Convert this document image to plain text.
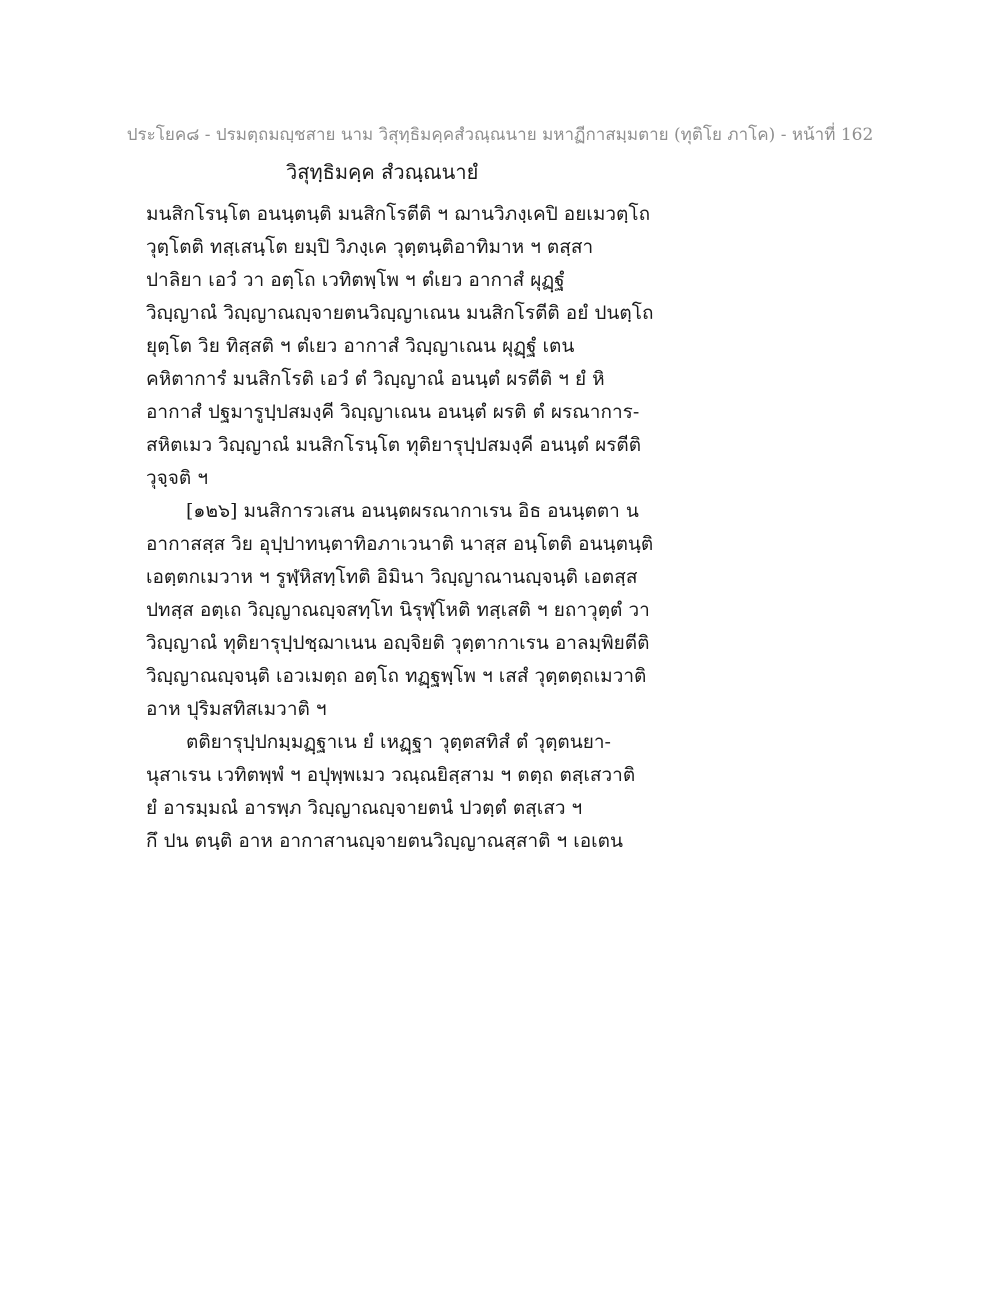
ประโยค๘ - ปรมตฺถมญฺชสาย นาม วิสุทฺธิมคฺคสํวณฺณนาย มหาฏีกาสมฺมตาย (ทุติโย ภาโค) - หน้าที่ 162
วิสุทฺธิมคฺค สํวณฺณนายํ
มนสิกโรนฺโต อนนฺตนฺติ มนสิกโรตีติ ฯ ฌานวิภงฺเคปิ อยเมวตฺโถ
วุตฺโตติ ทสฺเสนฺโต ยมฺปิ วิภงฺเค วุตฺตนฺติอาทิมาห ฯ ตสฺสา
ปาลิยา เอวํ วา อตฺโถ เวทิตพฺโพ ฯ ตํเยว อากาสํ ผุฏฺฐํ
วิญฺญาณํ วิญฺญาณญฺจายตนวิญฺญาเณน มนสิกโรตีติ อยํ ปนตฺโถ
ยุตฺโต วิย ทิสฺสติ ฯ ตํเยว อากาสํ วิญฺญาเณน ผุฏฺฐํ เตน
คหิตาการํ มนสิกโรติ เอวํ ตํ วิญฺญาณํ อนนฺตํ ผรตีติ ฯ ยํ หิ
อากาสํ ปฐมารูปฺปสมงฺคี วิญฺญาเณน อนนฺตํ ผรติ ตํ ผรณาการ-
สหิตเมว วิญฺญาณํ มนสิกโรนฺโต ทุติยารุปฺปสมงฺคี อนนฺตํ ผรตีติ
วุจฺจติ ฯ
[๑๒๖] มนสิการวเสน อนนฺตผรณากาเรน อิธ อนนฺตตา น
อากาสสฺส วิย อุปฺปาทนฺตาทิอภาเวนาติ นาสฺส อนฺโตติ อนนฺตนฺติ
เอตฺตกเมวาห ฯ รูฬฺหิสทฺโทติ อิมินา วิญฺญาณานญฺจนฺติ เอตสฺส
ปทสฺส อตฺเถ วิญฺญาณญฺจสทฺโท นิรุฬฺโหติ ทสฺเสติ ฯ ยถาวุตฺตํ วา
วิญฺญาณํ ทุติยารุปฺปชฺฌาเนน อญฺจิยติ วุตฺตากาเรน อาลมฺพิยตีติ
วิญฺญาณญฺจนฺติ เอวเมตฺถ อตฺโถ ทฏฺฐพฺโพ ฯ เสสํ วุตฺตตฺถเมวาติ
อาห ปุริมสทิสเมวาติ ฯ
ตติยารุปฺปกมฺมฏฺฐาเน ยํ เหฏฺฐา วุตฺตสทิสํ ตํ วุตฺตนยา-
นุสาเรน เวทิตพฺพํ ฯ อปุพฺพเมว วณฺณยิสฺสาม ฯ ตตฺถ ตสฺเสวาติ
ยํ อารมฺมณํ อารพฺภ วิญฺญาณญฺจายตนํ ปวตฺตํ ตสฺเสว ฯ
กึ ปน ตนฺติ อาห อากาสานญฺจายตนวิญฺญาณสฺสาติ ฯ เอเตน
